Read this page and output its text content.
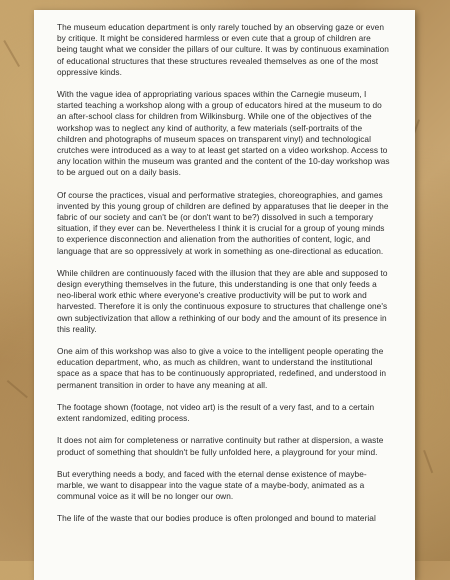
The museum education department is only rarely touched by an observing gaze or even by critique. It might be considered harmless or even cute that a group of children are being taught what we consider the pillars of our culture. It was by continuous examination of educational structures that these structures revealed themselves as one of the most oppressive kinds.

With the vague idea of appropriating various spaces within the Carnegie museum, I started teaching a workshop along with a group of educators hired at the museum to do an after-school class for children from Wilkinsburg. While one of the objectives of the workshop was to neglect any kind of authority, a few materials (self-portraits of the children and photographs of museum spaces on transparent vinyl) and technological crutches were introduced as a way to at least get started on a video workshop. Access to any location within the museum was granted and the content of the 10-day workshop was to be argued out on a daily basis.

Of course the practices, visual and performative strategies, choreographies, and games invented by this young group of children are defined by apparatuses that lie deeper in the fabric of our society and can't be (or don't want to be?) dissolved in such a temporary situation, if they ever can be. Nevertheless I think it is crucial for a group of young minds to experience disconnection and alienation from the authorities of content, logic, and language that are so oppressively at work in something as one-directional as education.

While children are continuously faced with the illusion that they are able and supposed to design everything themselves in the future, this understanding is one that only feeds a neo-liberal work ethic where everyone's creative productivity will be put to work and harvested. Therefore it is only the continuous exposure to structures that challenge one's own subjectivization that allow a rethinking of our body and the amount of its presence in this reality.

One aim of this workshop was also to give a voice to the intelligent people operating the education department, who, as much as children, want to understand the institutional space as a space that has to be continuously appropriated, redefined, and understood in permanent transition in order to have any meaning at all.

The footage shown (footage, not video art) is the result of a very fast, and to a certain extent randomized, editing process.

It does not aim for completeness or narrative continuity but rather at dispersion, a waste product of something that shouldn't be fully unfolded here, a playground for your mind.

But everything needs a body, and faced with the eternal dense existence of maybe-marble, we want to disappear into the vague state of a maybe-body, animated as a communal voice as it will be no longer our own.

The life of the waste that our bodies produce is often prolonged and bound to material
